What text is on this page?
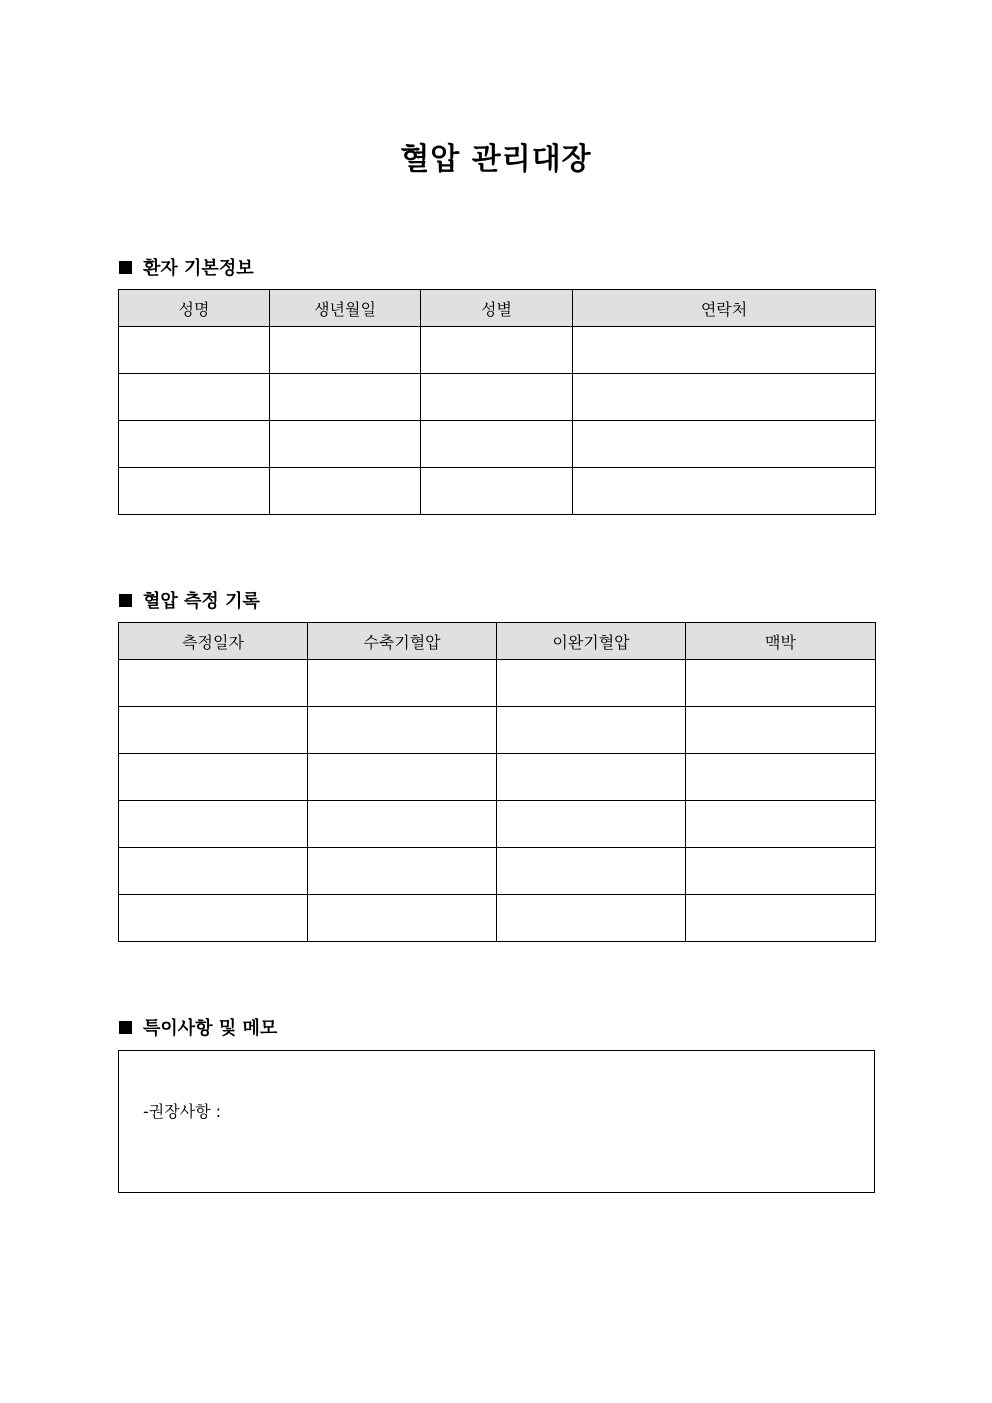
혈압 관리대장
환자 기본정보
성명	생년월일	성별	연락처

혈압 측정 기록
측정일자	수축기혈압	이완기혈압	맥박

특이사항 및 메모
-권장사항 :
